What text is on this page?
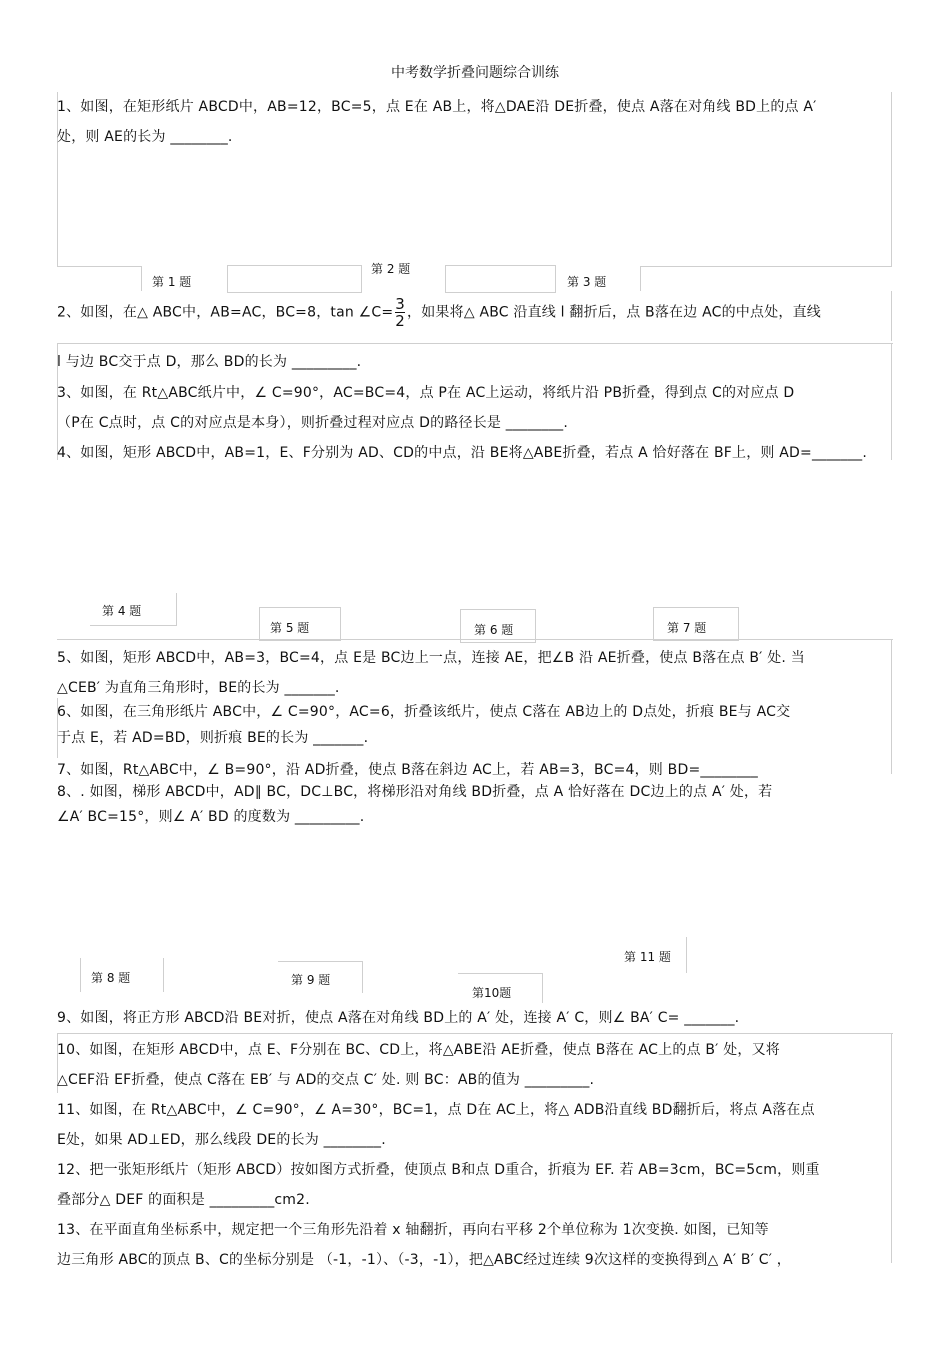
中考数学折叠问题综合训练
1、如图，在矩形纸片 ABCD中，AB=12，BC=5，点 E在 AB上，将△DAE沿 DE折叠，使点 A落在对角线 BD上的点 A′
处，则 AE的长为 ________.
第 1 题
第 2 题
第 3 题
2、如图，在△ ABC中，AB=AC，BC=8，tan ∠C= $\frac{3}{2}$ ，如果将△ ABC 沿直线 l 翻折后，点 B落在边 AC的中点处，直线
l 与边 BC交于点 D，那么 BD的长为 _________.
3、如图，在 Rt△ABC纸片中，∠ C=90°，AC=BC=4，点 P在 AC上运动，将纸片沿 PB折叠，得到点 C的对应点 D
（P在 C点时，点 C的对应点是本身），则折叠过程对应点 D的路径长是 ________.
4、如图，矩形 ABCD中，AB=1，E、F分别为 AD、CD的中点，沿 BE将△ABE折叠，若点 A 恰好落在 BF上，则 AD=_______.
第 4 题
第 5 题	第 6 题	第 7 题
5、如图，矩形 ABCD中，AB=3，BC=4，点 E是 BC边上一点，连接 AE，把∠B 沿 AE折叠，使点 B落在点 B′ 处. 当
△CEB′ 为直角三角形时，BE的长为 _______.
6、如图，在三角形纸片 ABC中，∠ C=90°，AC=6，折叠该纸片，使点 C落在 AB边上的 D点处，折痕 BE与 AC交
于点 E，若 AD=BD，则折痕 BE的长为 _______.
7、如图，Rt△ABC中，∠ B=90°，沿 AD折叠，使点 B落在斜边 AC上，若 AB=3，BC=4，则 BD=________
8、. 如图，梯形 ABCD中，AD∥ BC，DC⊥BC，将梯形沿对角线 BD折叠，点 A 恰好落在 DC边上的点 A′ 处，若
∠A′ BC=15°，则∠ A′ BD 的度数为 _________.
第 8 题	第 9 题
第10题
第 11 题
9、如图，将正方形 ABCD沿 BE对折，使点 A落在对角线 BD上的 A′ 处，连接 A′ C，则∠ BA′ C= _______.
10、如图，在矩形 ABCD中，点 E、F分别在 BC、CD上，将△ABE沿 AE折叠，使点 B落在 AC上的点 B′ 处，又将
△CEF沿 EF折叠，使点 C落在 EB′ 与 AD的交点 C′ 处. 则 BC：AB的值为 _________.
11、如图，在 Rt△ABC中，∠ C=90°，∠ A=30°，BC=1，点 D在 AC上，将△ ADB沿直线 BD翻折后，将点 A落在点
E处，如果 AD⊥ED，那么线段 DE的长为 ________.
12、把一张矩形纸片（矩形 ABCD）按如图方式折叠，使顶点 B和点 D重合，折痕为 EF. 若 AB=3cm，BC=5cm，则重
叠部分△ DEF 的面积是 _________cm2.
13、在平面直角坐标系中，规定把一个三角形先沿着 x 轴翻折，再向右平移 2个单位称为 1次变换. 如图，已知等
边三角形 ABC的顶点 B、C的坐标分别是 （-1，-1）、（-3，-1），把△ABC经过连续 9次这样的变换得到△ A′ B′ C′ ，
